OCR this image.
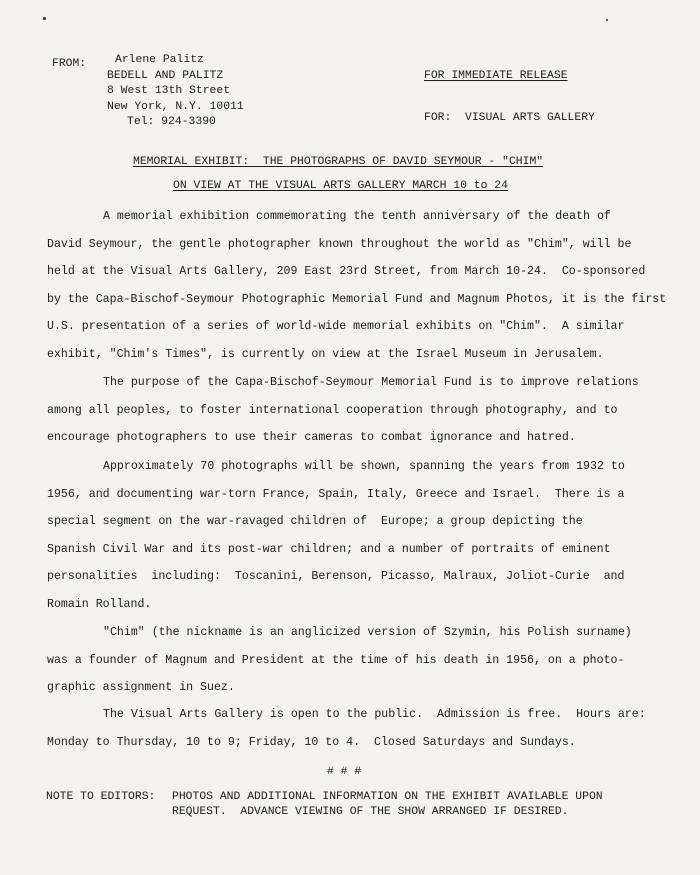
FROM:	Arlene Palitz
BEDELL AND PALITZ
8 West 13th Street
New York, N.Y. 10011
Tel: 924-3390
FOR IMMEDIATE RELEASE
FOR:  VISUAL ARTS GALLERY
MEMORIAL EXHIBIT:  THE PHOTOGRAPHS OF DAVID SEYMOUR - "CHIM"
ON VIEW AT THE VISUAL ARTS GALLERY MARCH 10 to 24
A memorial exhibition commemorating the tenth anniversary of the death of
David Seymour, the gentle photographer known throughout the world as "Chim", will be
held at the Visual Arts Gallery, 209 East 23rd Street, from March 10-24.  Co-sponsored
by the Capa-Bischof-Seymour Photographic Memorial Fund and Magnum Photos, it is the first
U.S. presentation of a series of world-wide memorial exhibits on "Chim".  A similar
exhibit, "Chim's Times", is currently on view at the Israel Museum in Jerusalem.
The purpose of the Capa-Bischof-Seymour Memorial Fund is to improve relations
among all peoples, to foster international cooperation through photography, and to
encourage photographers to use their cameras to combat ignorance and hatred.
Approximately 70 photographs will be shown, spanning the years from 1932 to
1956, and documenting war-torn France, Spain, Italy, Greece and Israel.  There is a
special segment on the war-ravaged children of  Europe; a group depicting the
Spanish Civil War and its post-war children; and a number of portraits of eminent
personalities  including:  Toscanini, Berenson, Picasso, Malraux, Joliot-Curie  and
Romain Rolland.
"Chim" (the nickname is an anglicized version of Szymin, his Polish surname)
was a founder of Magnum and President at the time of his death in 1956, on a photo-
graphic assignment in Suez.
The Visual Arts Gallery is open to the public.  Admission is free.  Hours are:
Monday to Thursday, 10 to 9; Friday, 10 to 4.  Closed Saturdays and Sundays.
# # #
NOTE TO EDITORS: PHOTOS AND ADDITIONAL INFORMATION ON THE EXHIBIT AVAILABLE UPON
REQUEST.  ADVANCE VIEWING OF THE SHOW ARRANGED IF DESIRED.
